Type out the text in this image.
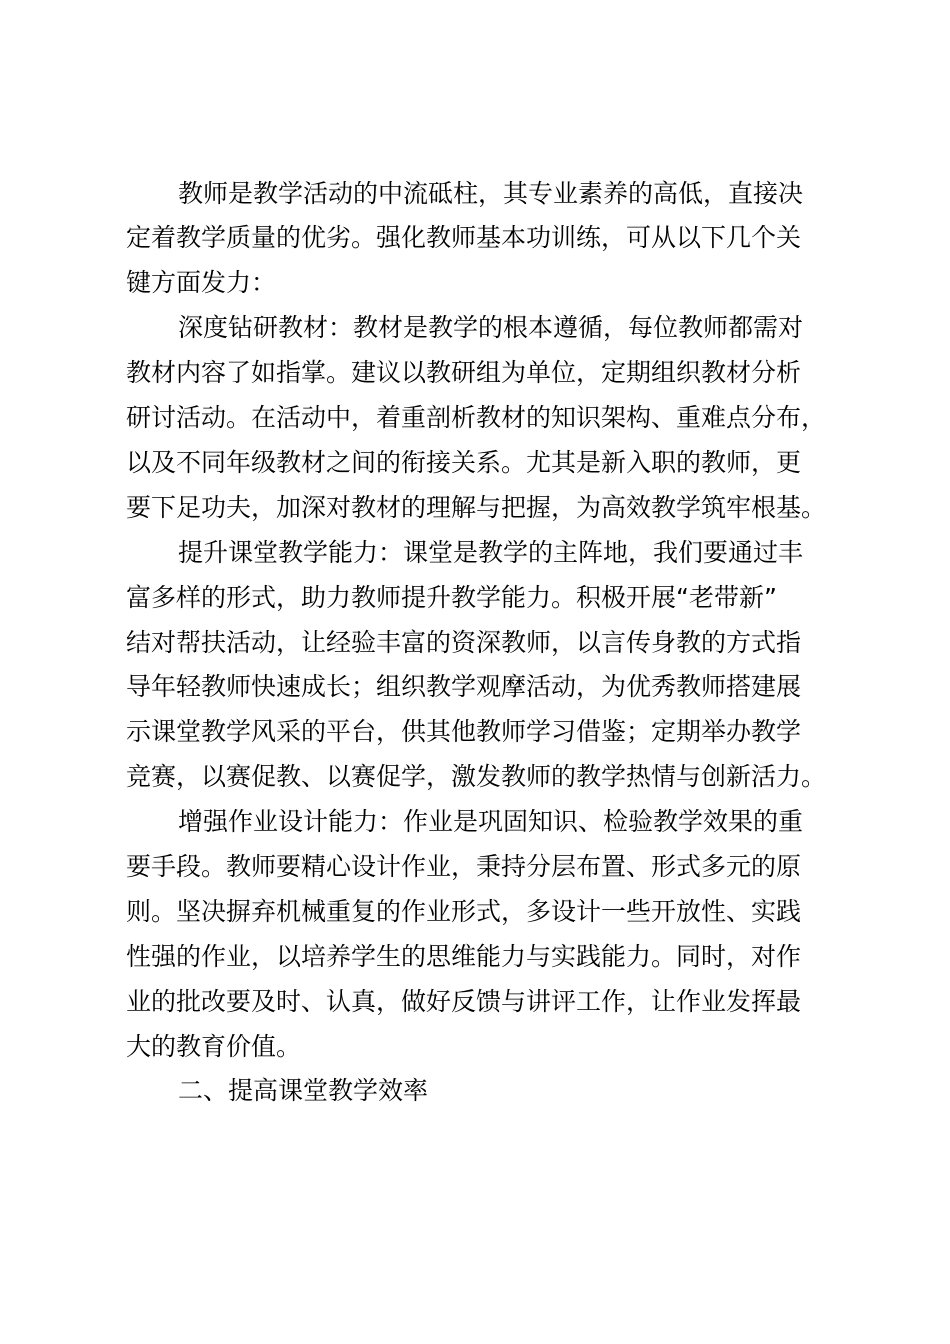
教师是教学活动的中流砥柱，其专业素养的高低，直接决
定着教学质量的优劣。强化教师基本功训练，可从以下几个关
键方面发力：
深度钻研教材：教材是教学的根本遵循，每位教师都需对
教材内容了如指掌。建议以教研组为单位，定期组织教材分析
研讨活动。在活动中，着重剖析教材的知识架构、重难点分布，
以及不同年级教材之间的衔接关系。尤其是新入职的教师，更
要下足功夫，加深对教材的理解与把握，为高效教学筑牢根基。
提升课堂教学能力：课堂是教学的主阵地，我们要通过丰
富多样的形式，助力教师提升教学能力。积极开展“老带新”
结对帮扶活动，让经验丰富的资深教师，以言传身教的方式指
导年轻教师快速成长；组织教学观摩活动，为优秀教师搭建展
示课堂教学风采的平台，供其他教师学习借鉴；定期举办教学
竞赛，以赛促教、以赛促学，激发教师的教学热情与创新活力。
增强作业设计能力：作业是巩固知识、检验教学效果的重
要手段。教师要精心设计作业，秉持分层布置、形式多元的原
则。坚决摒弃机械重复的作业形式，多设计一些开放性、实践
性强的作业，以培养学生的思维能力与实践能力。同时，对作
业的批改要及时、认真，做好反馈与讲评工作，让作业发挥最
大的教育价值。
二、提高课堂教学效率
